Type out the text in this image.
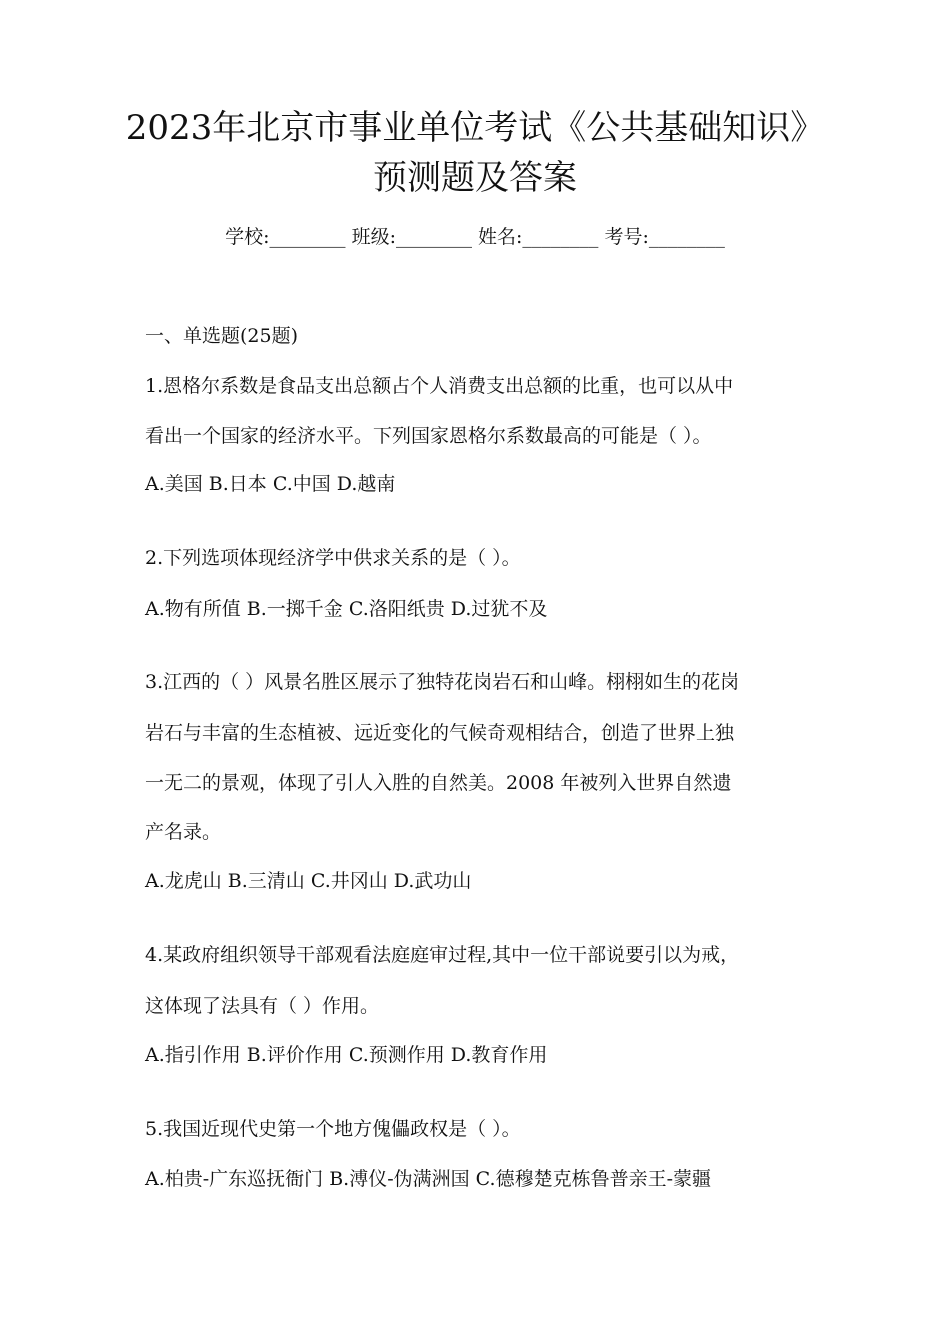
2023年北京市事业单位考试《公共基础知识》
预测题及答案
学校:________ 班级:________ 姓名:________ 考号:________
一、单选题(25题)
1.恩格尔系数是食品支出总额占个人消费支出总额的比重，也可以从中
看出一个国家的经济水平。下列国家恩格尔系数最高的可能是（ ）。
A.美国 B.日本 C.中国 D.越南
2.下列选项体现经济学中供求关系的是（ ）。
A.物有所值 B.一掷千金 C.洛阳纸贵 D.过犹不及
3.江西的（ ）风景名胜区展示了独特花岗岩石和山峰。栩栩如生的花岗
岩石与丰富的生态植被、远近变化的气候奇观相结合，创造了世界上独
一无二的景观，体现了引人入胜的自然美。2008 年被列入世界自然遗
产名录。
A.龙虎山 B.三清山 C.井冈山 D.武功山
4.某政府组织领导干部观看法庭庭审过程,其中一位干部说要引以为戒，
这体现了法具有（ ）作用。
A.指引作用 B.评价作用 C.预测作用 D.教育作用
5.我国近现代史第一个地方傀儡政权是（ ）。
A.柏贵-广东巡抚衙门 B.溥仪-伪满洲国 C.德穆楚克栋鲁普亲王-蒙疆
